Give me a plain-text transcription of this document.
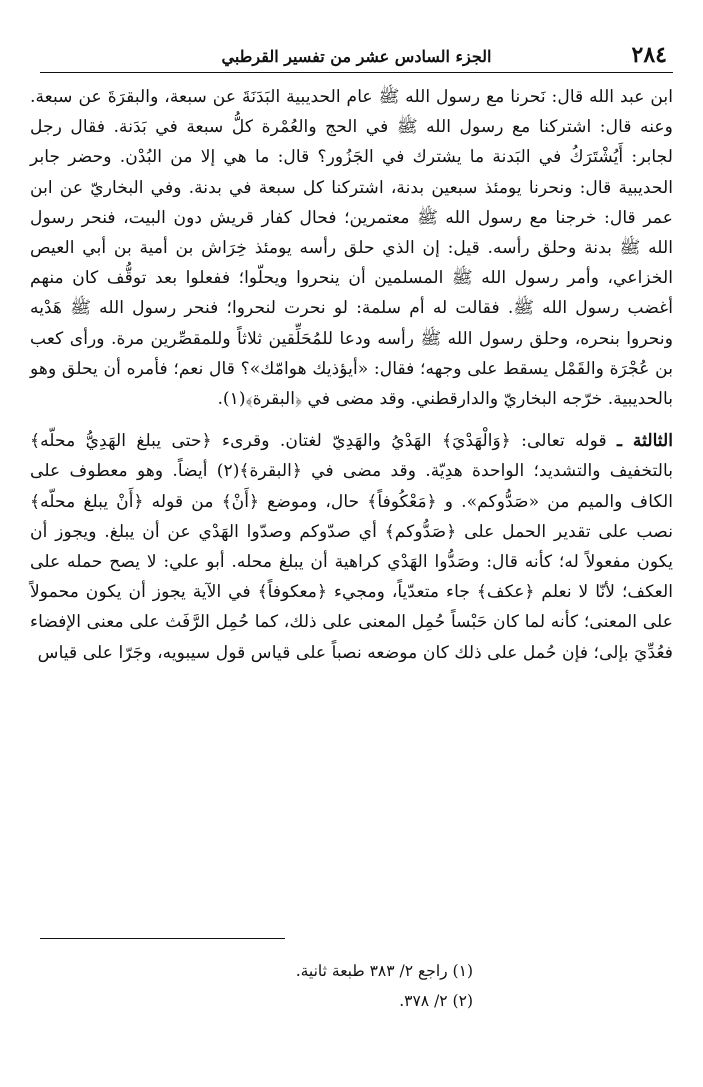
٢٨٤
الجزء السادس عشر من تفسير القرطبي

ابن عبد الله قال: نَحرنا مع رسول الله ﷺ عام الحديبية البَدَنَةَ عن سبعة، والبقرَةَ عن سبعة. وعنه قال: اشتركنا مع رسول الله ﷺ في الحج والعُمْرة كلُّ سبعة في بَدَنة. فقال رجل لجابر: أَيُشْتَرَكُ في البَدنة ما يشترك في الجَزُور؟ قال: ما هي إلا من البُدْن. وحضر جابر الحديبية قال: ونحرنا يومئذ سبعين بدنة، اشتركنا كل سبعة في بدنة. وفي البخاريّ عن ابن عمر قال: خرجنا مع رسول الله ﷺ معتمرين؛ فحال كفار قريش دون البيت، فنحر رسول الله ﷺ بدنة وحلق رأسه. قيل: إن الذي حلق رأسه يومئذ خِرَاش بن أمية بن أبي العيص الخزاعي، وأمر رسول الله ﷺ المسلمين أن ينحروا ويحلّوا؛ ففعلوا بعد توقُّف كان منهم أغضب رسول الله ﷺ. فقالت له أم سلمة: لو نحرت لنحروا؛ فنحر رسول الله ﷺ هَدْيه ونحروا بنحره، وحلق رسول الله ﷺ رأسه ودعا للمُحَلِّقين ثلاثاً وللمقصِّرين مرة. ورأى كعب بن عُجْرَة والقَمْل يسقط على وجهه؛ فقال: «أيؤذيك هوامّك»؟ قال نعم؛ فأمره أن يحلق وهو بالحديبية. خرّجه البخاريّ والدارقطني. وقد مضى في ﴿البقرة﴾(١).

الثالثة ـ قوله تعالى: ﴿وَالْهَدْيَ﴾ الهَدْيُ والهَدِيّ لغتان. وقرىء ﴿حتى يبلغ الهَدِيُّ محلّه﴾ بالتخفيف والتشديد؛ الواحدة هدِيّة. وقد مضى في ﴿البقرة﴾(٢) أيضاً. وهو معطوف على الكاف والميم من «صَدُّوكم». و ﴿مَعْكُوفاً﴾ حال، وموضع ﴿أَنْ﴾ من قوله ﴿أَنْ يبلغ محلّه﴾ نصب على تقدير الحمل على ﴿صَدُّوكم﴾ أي صدّوكم وصدّوا الهَدْي عن أن يبلغ. ويجوز أن يكون مفعولاً له؛ كأنه قال: وصَدُّوا الهَدْي كراهية أن يبلغ محله. أبو علي: لا يصح حمله على العكف؛ لأنّا لا نعلم ﴿عكف﴾ جاء متعدّياً، ومجيء ﴿معكوفاً﴾ في الآية يجوز أن يكون محمولاً على المعنى؛ كأنه لما كان حَبْساً حُمِل المعنى على ذلك، كما حُمِل الرَّفَث على معنى الإفضاء فعُدِّيَ بإلى؛ فإن حُمل على ذلك كان موضعه نصباً على قياس قول سيبويه، وجَرّا على قياس

(١) راجع ٢/ ٣٨٣ طبعة ثانية.
(٢) ٢/ ٣٧٨.
